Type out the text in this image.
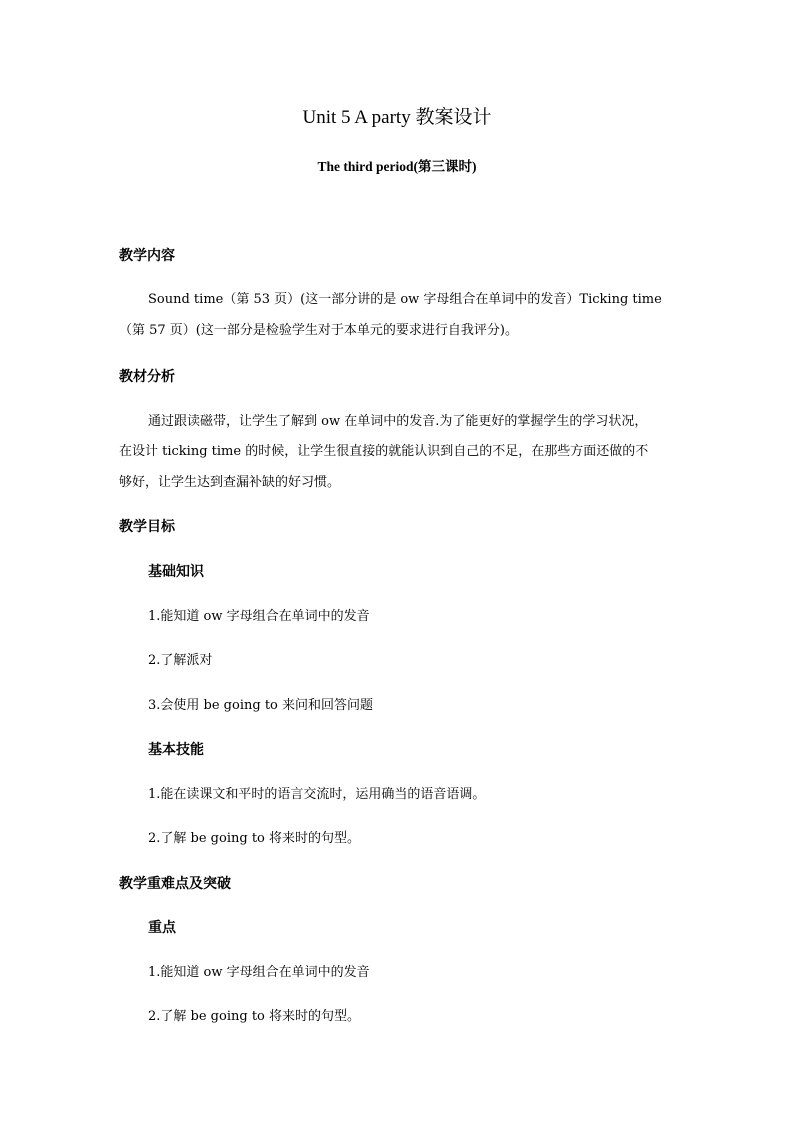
Unit 5 A party 教案设计
The third period(第三课时)
教学内容
Sound time（第 53 页）(这一部分讲的是 ow 字母组合在单词中的发音）Ticking time
（第 57 页）(这一部分是检验学生对于本单元的要求进行自我评分)。
教材分析
通过跟读磁带，让学生了解到 ow 在单词中的发音.为了能更好的掌握学生的学习状况，
在设计 ticking time 的时候，让学生很直接的就能认识到自己的不足，在那些方面还做的不
够好，让学生达到查漏补缺的好习惯。
教学目标
基础知识
1.能知道 ow 字母组合在单词中的发音
2.了解派对
3.会使用 be going to 来问和回答问题
基本技能
1.能在读课文和平时的语言交流时，运用确当的语音语调。
2.了解 be going to 将来时的句型。
教学重难点及突破
重点
1.能知道 ow 字母组合在单词中的发音
2.了解 be going to 将来时的句型。
